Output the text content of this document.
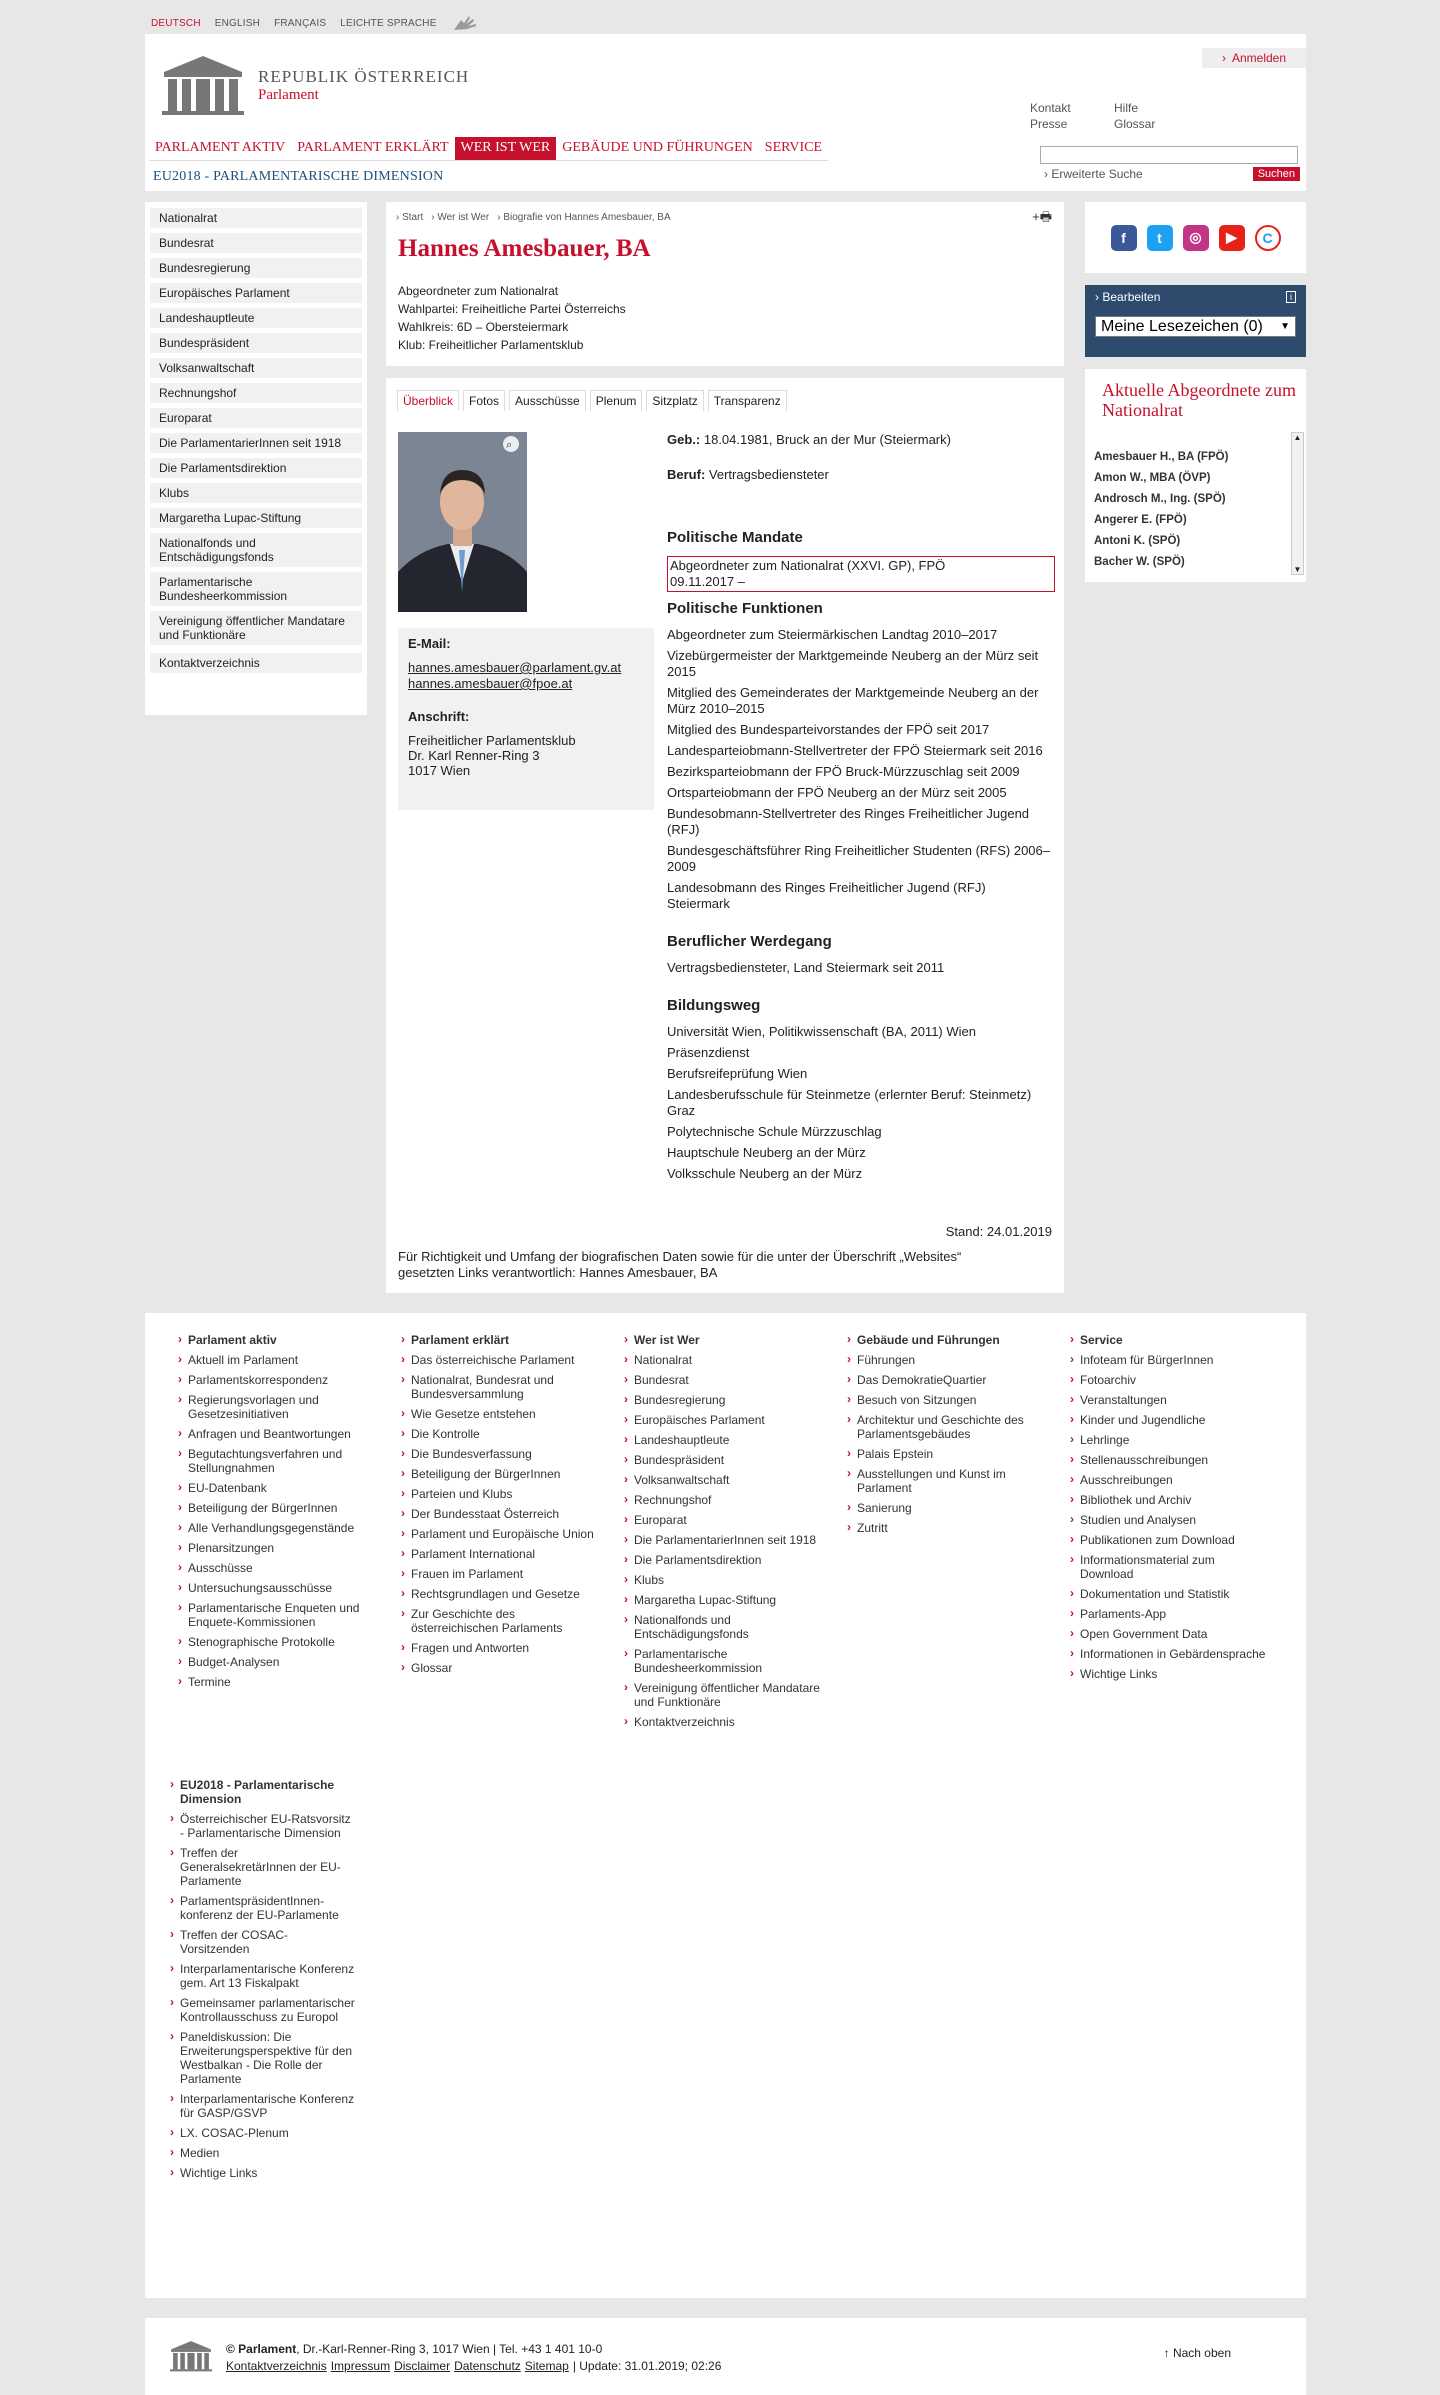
DEUTSCH ENGLISH FRANÇAIS LEICHTE SPRACHE
REPUBLIK ÖSTERREICH
Parlament
› Anmelden
Kontakt	Hilfe
Presse	Glossar
PARLAMENT AKTIV PARLAMENT ERKLÄRT WER IST WER GEBÄUDE UND FÜHRUNGEN SERVICE
EU2018 - PARLAMENTARISCHE DIMENSION	› Erweiterte Suche	Suchen
Nationalrat
Bundesrat
Bundesregierung
Europäisches Parlament
Landeshauptleute
Bundespräsident
Volksanwaltschaft
Rechnungshof
Europarat
Die ParlamentarierInnen seit 1918
Die Parlamentsdirektion
Klubs
Margaretha Lupac-Stiftung
Nationalfonds und Entschädigungsfonds
Parlamentarische Bundesheerkommission
Vereinigung öffentlicher Mandatare und Funktionäre
Kontaktverzeichnis
› Start › Wer ist Wer › Biografie von Hannes Amesbauer, BA	+🖶
Hannes Amesbauer, BA
Abgeordneter zum Nationalrat
Wahlpartei: Freiheitliche Partei Österreichs
Wahlkreis: 6D – Obersteiermark
Klub: Freiheitlicher Parlamentsklub
Überblick	Fotos	Ausschüsse	Plenum	Sitzplatz	Transparenz
⌕
E-Mail:
hannes.amesbauer@parlament.gv.at
hannes.amesbauer@fpoe.at
Anschrift:
Freiheitlicher Parlamentsklub
Dr. Karl Renner-Ring 3
1017 Wien
Geb.: 18.04.1981, Bruck an der Mur (Steiermark)
Beruf: Vertragsbediensteter
Politische Mandate
Abgeordneter zum Nationalrat (XXVI. GP), FPÖ
09.11.2017 –
Politische Funktionen
Abgeordneter zum Steiermärkischen Landtag 2010–2017
Vizebürgermeister der Marktgemeinde Neuberg an der Mürz seit 2015
Mitglied des Gemeinderates der Marktgemeinde Neuberg an der Mürz 2010–2015
Mitglied des Bundesparteivorstandes der FPÖ seit 2017
Landesparteiobmann-Stellvertreter der FPÖ Steiermark seit 2016
Bezirksparteiobmann der FPÖ Bruck-Mürzzuschlag seit 2009
Ortsparteiobmann der FPÖ Neuberg an der Mürz seit 2005
Bundesobmann-Stellvertreter des Ringes Freiheitlicher Jugend (RFJ)
Bundesgeschäftsführer Ring Freiheitlicher Studenten (RFS) 2006–2009
Landesobmann des Ringes Freiheitlicher Jugend (RFJ) Steiermark
Beruflicher Werdegang
Vertragsbediensteter, Land Steiermark seit 2011
Bildungsweg
Universität Wien, Politikwissenschaft (BA, 2011) Wien
Präsenzdienst
Berufsreifeprüfung Wien
Landesberufsschule für Steinmetze (erlernter Beruf: Steinmetz) Graz
Polytechnische Schule Mürzzuschlag
Hauptschule Neuberg an der Mürz
Volksschule Neuberg an der Mürz
Stand: 24.01.2019
Für Richtigkeit und Umfang der biografischen Daten sowie für die unter der Überschrift „Websites“ gesetzten Links verantwortlich: Hannes Amesbauer, BA
f	t	◎	▶	C
› Bearbeiten	i
Meine Lesezeichen (0) ▼
Aktuelle Abgeordnete zum Nationalrat
Amesbauer H., BA (FPÖ)
Amon W., MBA (ÖVP)
Androsch M., Ing. (SPÖ)
Angerer E. (FPÖ)
Antoni K. (SPÖ)
Bacher W. (SPÖ)
▲
▼
› Parlament aktiv
› Aktuell im Parlament
› Parlamentskorrespondenz
› Regierungsvorlagen und Gesetzesinitiativen
› Anfragen und Beantwortungen
› Begutachtungsverfahren und Stellungnahmen
› EU-Datenbank
› Beteiligung der BürgerInnen
› Alle Verhandlungsgegenstände
› Plenarsitzungen
› Ausschüsse
› Untersuchungsausschüsse
› Parlamentarische Enqueten und Enquete-Kommissionen
› Stenographische Protokolle
› Budget-Analysen
› Termine
› Parlament erklärt
› Das österreichische Parlament
› Nationalrat, Bundesrat und Bundesversammlung
› Wie Gesetze entstehen
› Die Kontrolle
› Die Bundesverfassung
› Beteiligung der BürgerInnen
› Parteien und Klubs
› Der Bundesstaat Österreich
› Parlament und Europäische Union
› Parlament International
› Frauen im Parlament
› Rechtsgrundlagen und Gesetze
› Zur Geschichte des österreichischen Parlaments
› Fragen und Antworten
› Glossar
› Wer ist Wer
› Nationalrat
› Bundesrat
› Bundesregierung
› Europäisches Parlament
› Landeshauptleute
› Bundespräsident
› Volksanwaltschaft
› Rechnungshof
› Europarat
› Die ParlamentarierInnen seit 1918
› Die Parlamentsdirektion
› Klubs
› Margaretha Lupac-Stiftung
› Nationalfonds und Entschädigungsfonds
› Parlamentarische Bundesheerkommission
› Vereinigung öffentlicher Mandatare und Funktionäre
› Kontaktverzeichnis
› Gebäude und Führungen
› Führungen
› Das DemokratieQuartier
› Besuch von Sitzungen
› Architektur und Geschichte des Parlamentsgebäudes
› Palais Epstein
› Ausstellungen und Kunst im Parlament
› Sanierung
› Zutritt
› Service
› Infoteam für BürgerInnen
› Fotoarchiv
› Veranstaltungen
› Kinder und Jugendliche
› Lehrlinge
› Stellenausschreibungen
› Ausschreibungen
› Bibliothek und Archiv
› Studien und Analysen
› Publikationen zum Download
› Informationsmaterial zum Download
› Dokumentation und Statistik
› Parlaments-App
› Open Government Data
› Informationen in Gebärdensprache
› Wichtige Links
› EU2018 - Parlamentarische Dimension
› Österreichischer EU-Ratsvorsitz - Parlamentarische Dimension
› Treffen der GeneralsekretärInnen der EU-Parlamente
› ParlamentspräsidentInnen-konferenz der EU-Parlamente
› Treffen der COSAC-Vorsitzenden
› Interparlamentarische Konferenz gem. Art 13 Fiskalpakt
› Gemeinsamer parlamentarischer Kontrollausschuss zu Europol
› Paneldiskussion: Die Erweiterungsperspektive für den Westbalkan - Die Rolle der Parlamente
› Interparlamentarische Konferenz für GASP/GSVP
› LX. COSAC-Plenum
› Medien
› Wichtige Links
© Parlament, Dr.-Karl-Renner-Ring 3, 1017 Wien | Tel. +43 1 401 10-0
Kontaktverzeichnis Impressum Disclaimer Datenschutz Sitemap | Update: 31.01.2019; 02:26
↑ Nach oben
